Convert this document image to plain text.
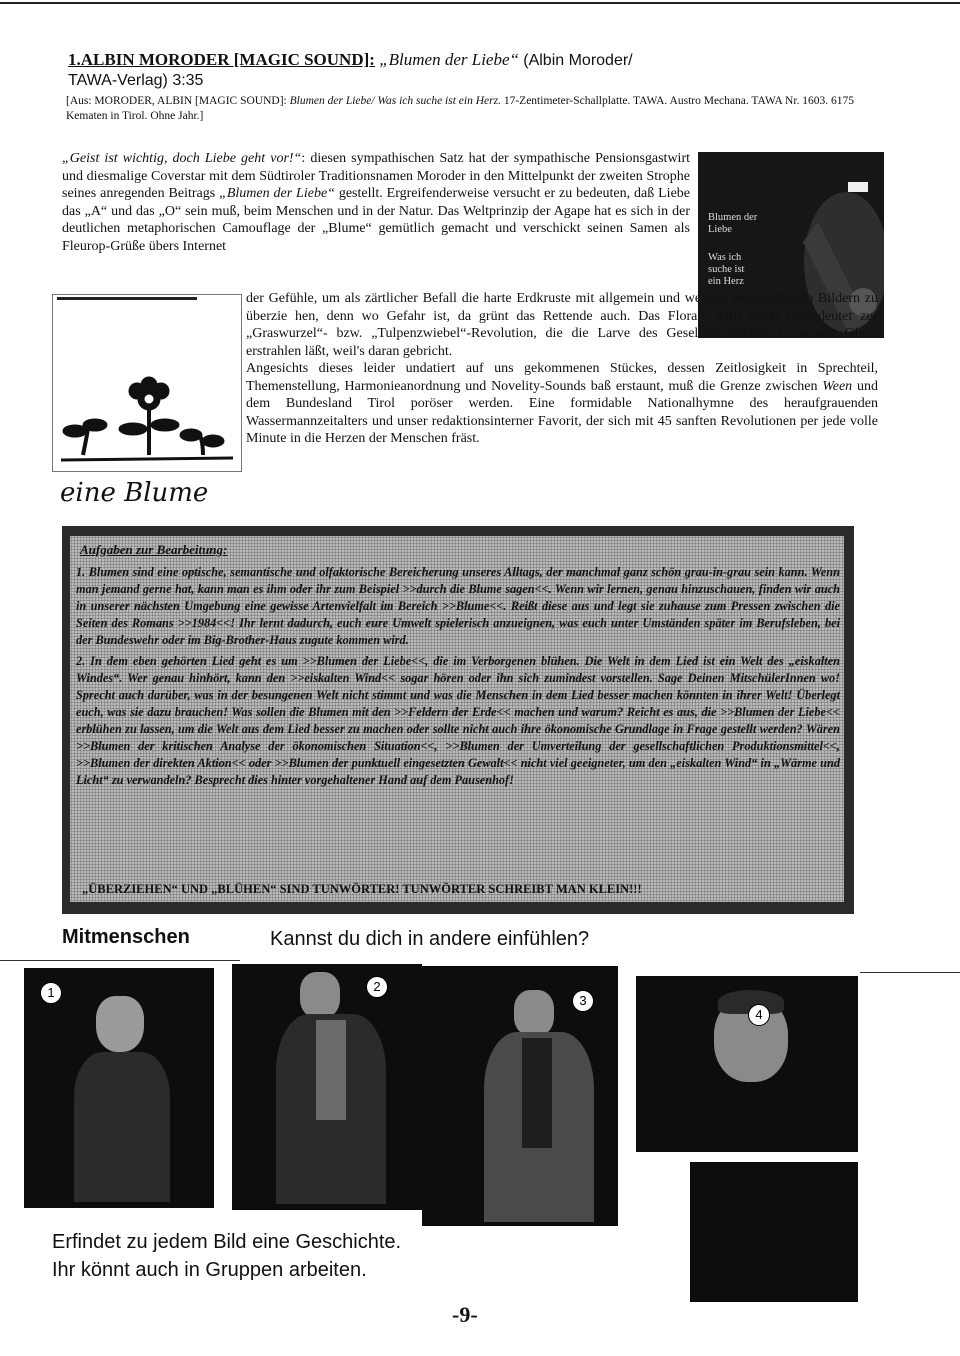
1.ALBIN MORODER [MAGIC SOUND]: „Blumen der Liebe“ (Albin Moroder/
TAWA-Verlag) 3:35
[Aus: MORODER, ALBIN [MAGIC SOUND]: Blumen der Liebe/ Was ich suche ist ein Herz. 17-Zentimeter-Schallplatte. TAWA. Austro Mechana. TAWA Nr. 1603. 6175 Kematen in Tirol. Ohne Jahr.]
„Geist ist wichtig, doch Liebe geht vor!“: diesen sympathischen Satz hat der sympathische Pensionsgastwirt und diesmalige Coverstar mit dem Südtiroler Traditionsnamen Moroder in den Mittelpunkt der zweiten Strophe seines anregenden Beitrags „Blumen der Liebe“ gestellt. Ergreifenderweise versucht er zu bedeuten, daß Liebe das „A“ und das „O“ sein muß, beim Menschen und in der Natur. Das Weltprinzip der Agape hat es sich in der deutlichen metaphorischen Camouflage der „Blume“ gemütlich gemacht und verschickt seinen Samen als Fleurop-Grüße übers Internet
Blumen der
Liebe
Was ich
suche ist
ein Herz
eine Blume
der Gefühle, um als zärtlicher Befall die harte Erdkruste mit allgemein und weithin verständlichen Bildern zu überzie hen, denn wo Gefahr ist, da grünt das Rettende auch. Das Florale wird dabei umgedeutet zur „Graswurzel“- bzw. „Tulpenzwiebel“-Revolution, die die Larve des Gesellschaftlichen in neuem Glanz erstrahlen läßt, weil's daran gebricht.
Angesichts dieses leider undatiert auf uns gekommenen Stückes, dessen Zeitlosigkeit in Sprechteil, Themenstellung, Harmonieanordnung und Novelity-Sounds baß erstaunt, muß die Grenze zwischen Ween und dem Bundesland Tirol poröser werden. Eine formidable Nationalhymne des heraufgrauenden Wassermannzeitalters und unser redaktionsinterner Favorit, der sich mit 45 sanften Revolutionen per jede volle Minute in die Herzen der Menschen fräst.
Aufgaben zur Bearbeitung:

1. Blumen sind eine optische, semantische und olfaktorische Bereicherung unseres Alltags, der manchmal ganz schön grau-in-grau sein kann. Wenn man jemand gerne hat, kann man es ihm oder ihr zum Beispiel >>durch die Blume sagen<<. Wenn wir lernen, genau hinzuschauen, finden wir auch in unserer nächsten Umgebung eine gewisse Artenvielfalt im Bereich >>Blume<<. Reißt diese aus und legt sie zuhause zum Pressen zwischen die Seiten des Romans >>1984<<! Ihr lernt dadurch, euch eure Umwelt spielerisch anzueignen, was euch unter Umständen später im Berufsleben, bei der Bundeswehr oder im Big-Brother-Haus zugute kommen wird.

2. In dem eben gehörten Lied geht es um >>Blumen der Liebe<<, die im Verborgenen blühen. Die Welt in dem Lied ist ein Welt des „eiskalten Windes“. Wer genau hinhört, kann den >>eiskalten Wind<< sogar hören oder ihn sich zumindest vorstellen. Sage Deinen MitschülerInnen wo! Sprecht auch darüber, was in der besungenen Welt nicht stimmt und was die Menschen in dem Lied besser machen könnten in ihrer Welt! Überlegt euch, was sie dazu brauchen! Was sollen die Blumen mit den >>Feldern der Erde<< machen und warum? Reicht es aus, die >>Blumen der Liebe<< erblühen zu lassen, um die Welt aus dem Lied besser zu machen oder sollte nicht auch ihre ökonomische Grundlage in Frage gestellt werden? Wären >>Blumen der kritischen Analyse der ökonomischen Situation<<, >>Blumen der Umverteilung der gesellschaftlichen Produktionsmittel<<, >>Blumen der direkten Aktion<< oder >>Blumen der punktuell eingesetzten Gewalt<< nicht viel geeigneter, um den „eiskalten Wind“ in „Wärme und Licht“ zu verwandeln? Besprecht dies hinter vorgehaltener Hand auf dem Pausenhof!

„ÜBERZIEHEN“ UND „BLÜHEN“ SIND TUNWÖRTER! TUNWÖRTER SCHREIBT MAN KLEIN!!!
Mitmenschen	Kannst du dich in andere einfühlen?
1	2
3
4
Erfindet zu jedem Bild eine Geschichte.
Ihr könnt auch in Gruppen arbeiten.
-9-
